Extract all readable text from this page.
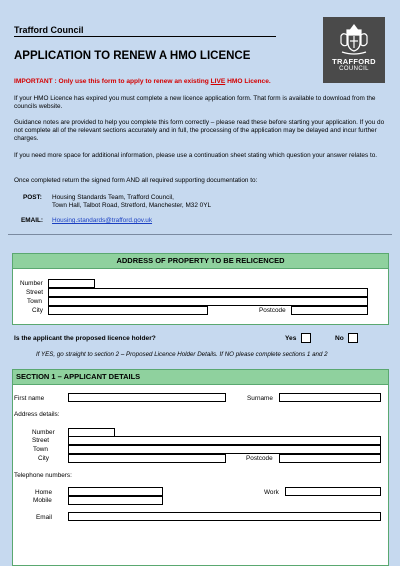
Trafford Council
TRAFFORD
COUNCIL
APPLICATION TO RENEW A HMO LICENCE
IMPORTANT : Only use this form to apply to renew an existing LIVE HMO Licence.
If your HMO Licence has expired you must complete a new licence application form. That form is available to download from the councils website.
Guidance notes are provided to help you complete this form correctly – please read these before starting your application. If you do not complete all of the relevant sections accurately and in full, the processing of the application may be delayed and incur further charges.
If you need more space for additional information, please use a continuation sheet stating which question your answer relates to.
Once completed return the signed form AND all required supporting documentation to:
POST: Housing Standards Team, Trafford Council,
Town Hall, Talbot Road, Stretford, Manchester, M32 0YL
EMAIL: Housing.standards@trafford.gov.uk
ADDRESS OF PROPERTY TO BE RELICENCED
Number
Street
Town
City	Postcode
Is the applicant the proposed licence holder?	Yes	No
If YES, go straight to section 2 – Proposed Licence Holder Details. If NO please complete sections 1 and 2
SECTION 1 – APPLICANT DETAILS
First name	Surname
Address details:
Number
Street
Town
City	Postcode
Telephone numbers:
Home
Mobile
Work
Email
